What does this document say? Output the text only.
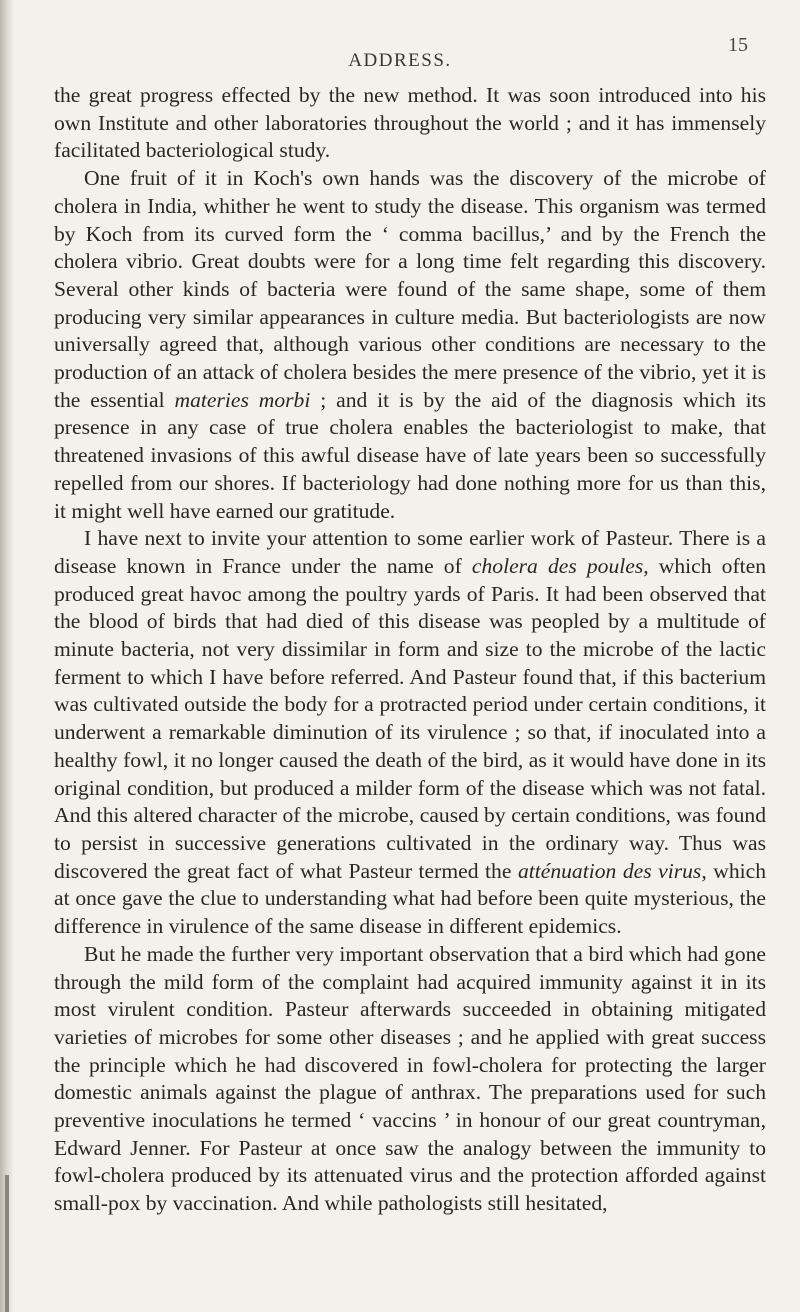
ADDRESS.
15

the great progress effected by the new method. It was soon introduced into his own Institute and other laboratories throughout the world ; and it has immensely facilitated bacteriological study.

One fruit of it in Koch's own hands was the discovery of the microbe of cholera in India, whither he went to study the disease. This organism was termed by Koch from its curved form the ‘ comma bacillus,’ and by the French the cholera vibrio. Great doubts were for a long time felt regarding this discovery. Several other kinds of bacteria were found of the same shape, some of them producing very similar appearances in culture media. But bacteriologists are now universally agreed that, although various other conditions are necessary to the production of an attack of cholera besides the mere presence of the vibrio, yet it is the essential materies morbi ; and it is by the aid of the diagnosis which its presence in any case of true cholera enables the bacteriologist to make, that threatened invasions of this awful disease have of late years been so successfully repelled from our shores. If bacteriology had done nothing more for us than this, it might well have earned our gratitude.

I have next to invite your attention to some earlier work of Pasteur. There is a disease known in France under the name of cholera des poules, which often produced great havoc among the poultry yards of Paris. It had been observed that the blood of birds that had died of this disease was peopled by a multitude of minute bacteria, not very dissimilar in form and size to the microbe of the lactic ferment to which I have before referred. And Pasteur found that, if this bacterium was cultivated outside the body for a protracted period under certain conditions, it underwent a remarkable diminution of its virulence ; so that, if inoculated into a healthy fowl, it no longer caused the death of the bird, as it would have done in its original condition, but produced a milder form of the disease which was not fatal. And this altered character of the microbe, caused by certain conditions, was found to persist in successive generations cultivated in the ordinary way. Thus was discovered the great fact of what Pasteur termed the atténuation des virus, which at once gave the clue to understanding what had before been quite mysterious, the difference in virulence of the same disease in different epidemics.

But he made the further very important observation that a bird which had gone through the mild form of the complaint had acquired immunity against it in its most virulent condition. Pasteur afterwards succeeded in obtaining mitigated varieties of microbes for some other diseases ; and he applied with great success the principle which he had discovered in fowl-cholera for protecting the larger domestic animals against the plague of anthrax. The preparations used for such preventive inoculations he termed ‘ vaccins ’ in honour of our great countryman, Edward Jenner. For Pasteur at once saw the analogy between the immunity to fowl-cholera produced by its attenuated virus and the protection afforded against small-pox by vaccination. And while pathologists still hesitated,
